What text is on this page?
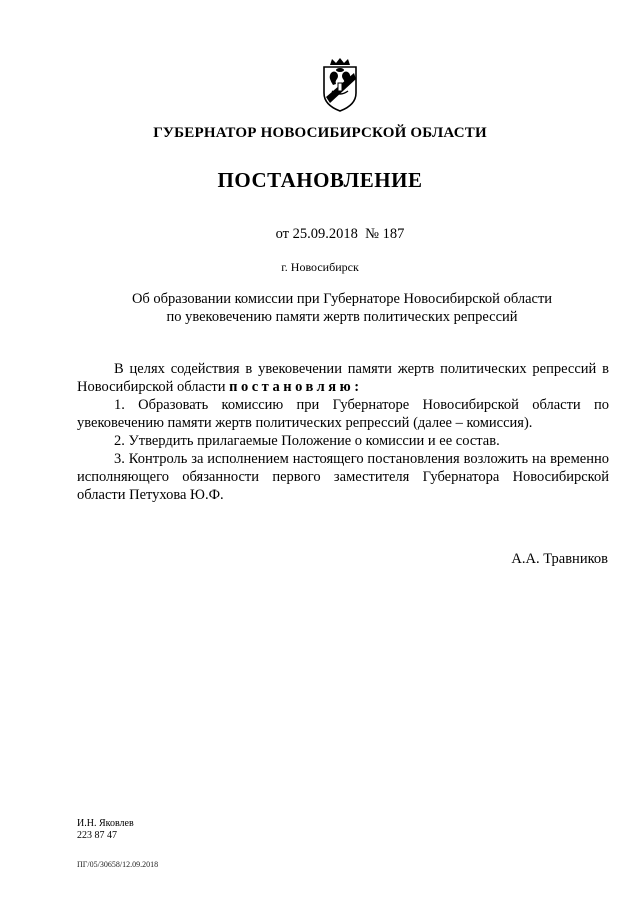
ГУБЕРНАТОР НОВОСИБИРСКОЙ ОБЛАСТИ
ПОСТАНОВЛЕНИЕ
от 25.09.2018  № 187
г. Новосибирск
Об образовании комиссии при Губернаторе Новосибирской области
по увековечению памяти жертв политических репрессий

В целях содействия в увековечении памяти жертв политических репрессий в Новосибирской области постановляю:

1. Образовать комиссию при Губернаторе Новосибирской области по увековечению памяти жертв политических репрессий (далее – комиссия).

2. Утвердить прилагаемые Положение о комиссии и ее состав.

3. Контроль за исполнением настоящего постановления возложить на временно исполняющего обязанности первого заместителя Губернатора Новосибирской области Петухова Ю.Ф.

А.А. Травников
И.Н. Яковлев
223 87 47
ПГ/05/30658/12.09.2018
